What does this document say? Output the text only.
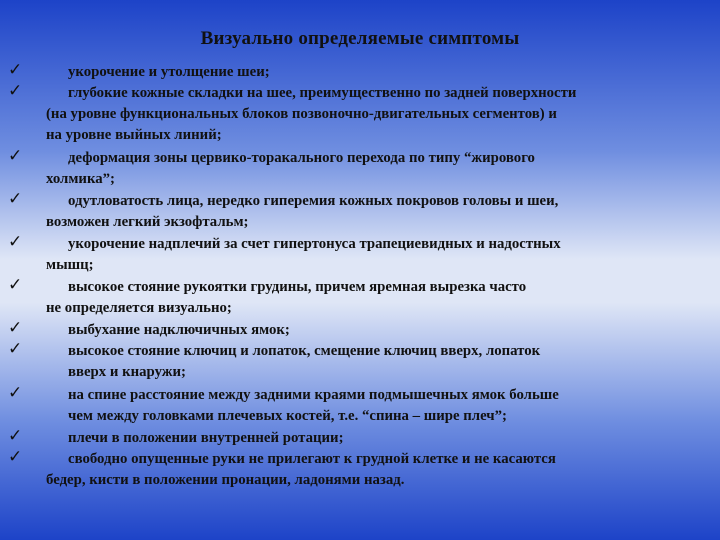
Визуально определяемые симптомы
✓	укорочение и утолщение шеи;
✓	глубокие кожные складки на шее, преимущественно по задней поверхности
(на уровне функциональных блоков позвоночно-двигательных сегментов) и
на уровне выйных линий;
✓	деформация зоны цервико-торакального перехода по типу “жирового
холмика”;
✓	одутловатость лица, нередко гиперемия кожных покровов головы и шеи,
возможен легкий экзофтальм;
✓	укорочение надплечий за счет гипертонуса трапециевидных и надостных
мышц;
✓	высокое стояние рукоятки грудины, причем яремная вырезка часто
не определяется визуально;
✓	выбухание надключичных ямок;
✓	высокое стояние ключиц и лопаток, смещение ключиц вверх, лопаток
вверх и кнаружи;
✓	на спине расстояние между задними краями подмышечных ямок больше
чем между головками плечевых костей, т.е. “спина – шире плеч”;
✓	плечи в положении внутренней ротации;
✓	свободно опущенные руки не прилегают к грудной клетке и не касаются
бедер, кисти в положении пронации, ладонями назад.
